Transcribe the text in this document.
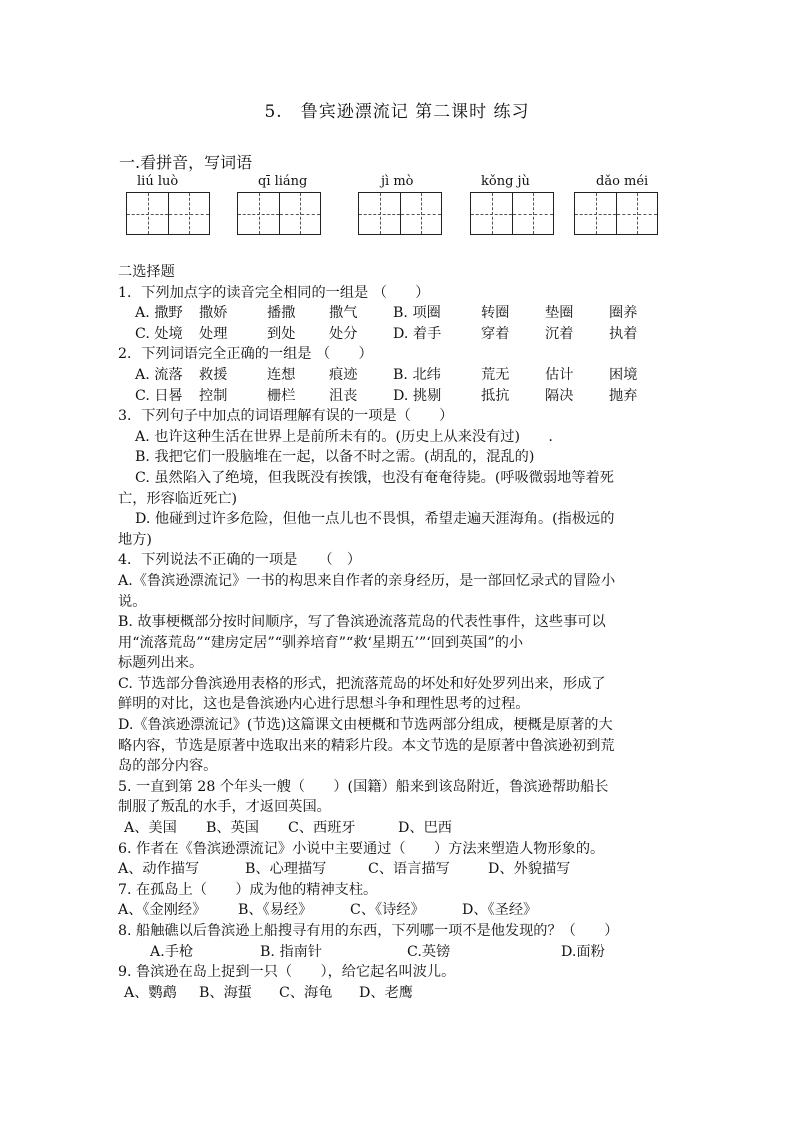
5.　鲁宾逊漂流记 第二课时 练习
一.看拼音，写词语
liú luò	qī liáng	jì mò	kǒng jù	dǎo méi

二选择题

1．下列加点字的读音完全相同的一组是 （　　）

A. 撒野	撒娇	播撒	撒气	B. 项圈	转圈	垫圈	圈养

C. 处境	处理	到处	处分	D. 着手	穿着	沉着	执着

2．下列词语完全正确的一组是 （　　）

A. 流落	救援	连想	痕迹	B. 北纬	荒无	估计	困境

C. 日晷	控制	栅栏	沮丧	D. 挑剔	抵抗	隔决	抛弃

3．下列句子中加点的词语理解有误的一项是（　　）

A. 也许这种生活在世界上是前所未有的。(历史上从来没有过)　　.

B. 我把它们一股脑堆在一起，以备不时之需。(胡乱的，混乱的)

C. 虽然陷入了绝境，但我既没有挨饿，也没有奄奄待毙。(呼吸微弱地等着死

亡，形容临近死亡)

D. 他碰到过许多危险，但他一点儿也不畏惧，希望走遍天涯海角。(指极远的

地方)

4．下列说法不正确的一项是　　（　）

A.《鲁滨逊漂流记》一书的构思来自作者的亲身经历，是一部回忆录式的冒险小

说。

B. 故事梗概部分按时间顺序，写了鲁滨逊流落荒岛的代表性事件，这些事可以

用“流落荒岛”“建房定居”“驯养培育”“救‘星期五’”‘回到英国”的小

标题列出来。

C. 节选部分鲁滨逊用表格的形式，把流落荒岛的坏处和好处罗列出来，形成了

鲜明的对比，这也是鲁滨逊内心进行思想斗争和理性思考的过程。

D.《鲁滨逊漂流记》(节选)这篇课文由梗概和节选两部分组成，梗概是原著的大

略内容，节选是原著中选取出来的精彩片段。本文节选的是原著中鲁滨逊初到荒

岛的部分内容。

5. 一直到第 28 个年头一艘（　　）(国籍）船来到该岛附近，鲁滨逊帮助船长

制服了叛乱的水手，才返回英国。

A、美国	B、英国	C、西班牙	D、巴西

6. 作者在《鲁滨逊漂流记》小说中主要通过（　　）方法来塑造人物形象的。

A、动作描写	B、心理描写	C、语言描写	D、外貌描写

7. 在孤岛上（　　）成为他的精神支柱。

A、《金刚经》	B、《易经》	C、《诗经》	D、《圣经》

8. 船触礁以后鲁滨逊上船搜寻有用的东西，下列哪一项不是他发现的？（　　）

A.手枪	B. 指南针	C.英镑	D.面粉

9. 鲁滨逊在岛上捉到一只（　　），给它起名叫波儿。

A、鹦鹉	B、海蜇	C、海龟	D、老鹰
